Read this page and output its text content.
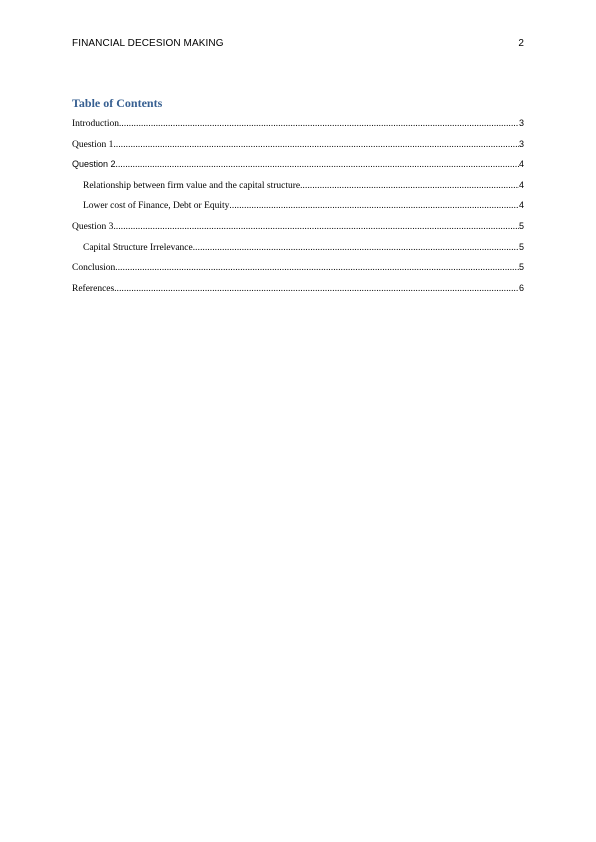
FINANCIAL DECESION MAKING	2
Table of Contents
Introduction .....	3
Question 1 .....	3
Question 2 .....	4
Relationship between firm value and the capital structure .....	4
Lower cost of Finance, Debt or Equity .....	4
Question 3 .....	5
Capital Structure Irrelevance .....	5
Conclusion .....	5
References .....	6
